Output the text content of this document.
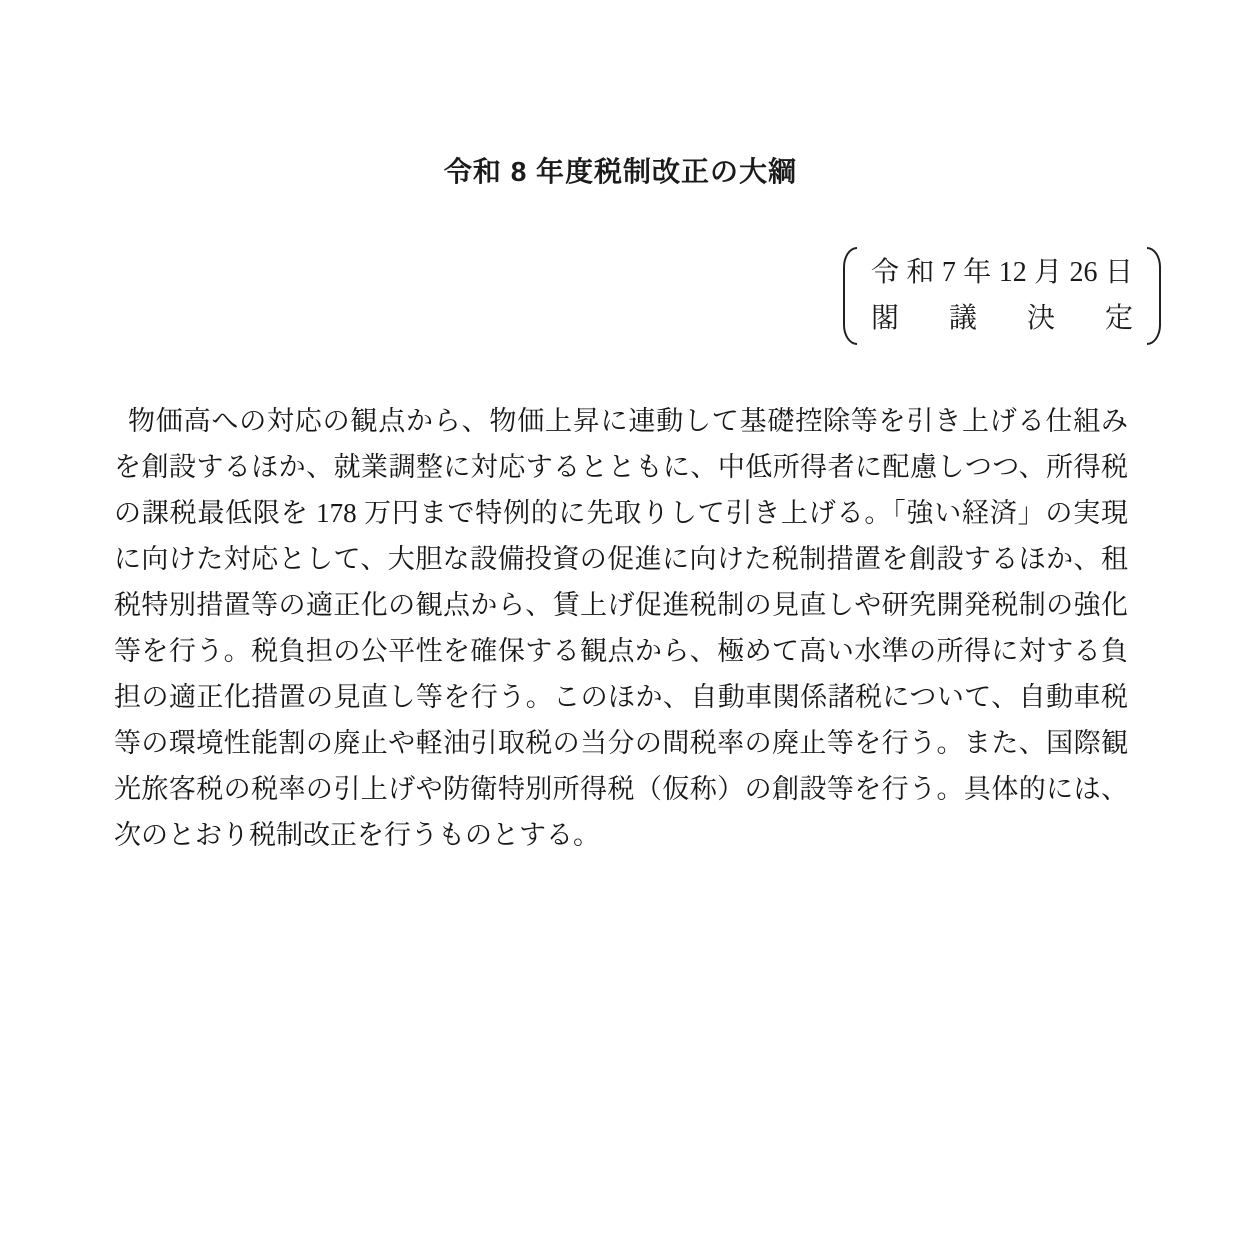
令和 8 年度税制改正の大綱
令和7年12月26日
閣議決定
物価高への対応の観点から、物価上昇に連動して基礎控除等を引き上げる仕組み
を創設するほか、就業調整に対応するとともに、中低所得者に配慮しつつ、所得税
の課税最低限を 178 万円まで特例的に先取りして引き上げる。「強い経済」の実現
に向けた対応として、大胆な設備投資の促進に向けた税制措置を創設するほか、租
税特別措置等の適正化の観点から、賃上げ促進税制の見直しや研究開発税制の強化
等を行う。税負担の公平性を確保する観点から、極めて高い水準の所得に対する負
担の適正化措置の見直し等を行う。このほか、自動車関係諸税について、自動車税
等の環境性能割の廃止や軽油引取税の当分の間税率の廃止等を行う。また、国際観
光旅客税の税率の引上げや防衛特別所得税（仮称）の創設等を行う。具体的には、
次のとおり税制改正を行うものとする。
